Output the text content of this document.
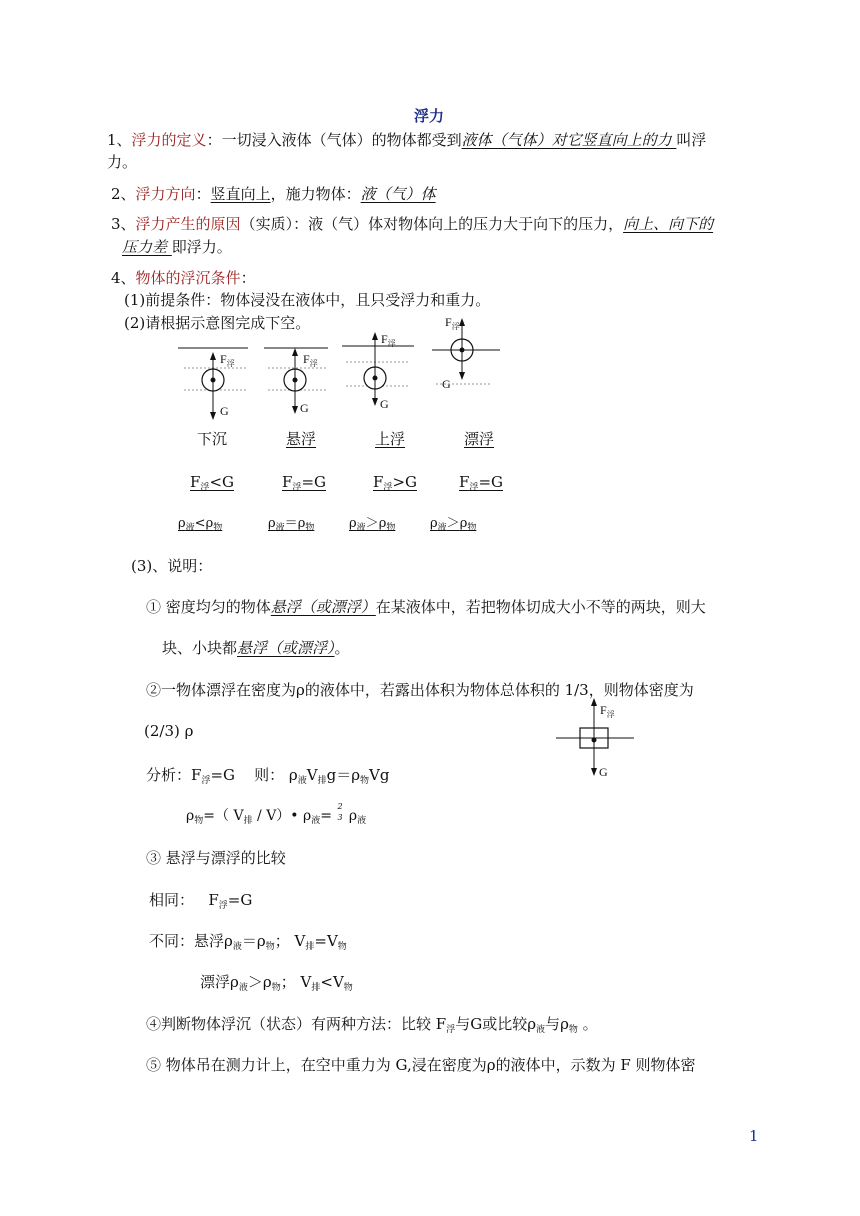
浮力
1、浮力的定义：一切浸入液体（气体）的物体都受到液体（气体）对它竖直向上的力 叫浮
力。
2、浮力方向：竖直向上，施力物体：液（气）体
3、浮力产生的原因（实质）：液（气）体对物体向上的压力大于向下的压力，向上、向下的
压力差 即浮力。
4、物体的浮沉条件：
(1)前提条件：物体浸没在液体中，且只受浮力和重力。
(2)请根据示意图完成下空。
$F_浮$
G
$F_浮$
G
$F_浮$
G
$F_浮$
G
下沉	悬浮	上浮	漂浮
$F_浮<G$	$F_浮=G$	$F_浮>G$	$F_浮=G$
$\rho_液<\rho_物$	$\rho_液=\rho_物$	$\rho_液>\rho_物$	$\rho_液>\rho_物$
(3)、说明：
① 密度均匀的物体悬浮（或漂浮）在某液体中，若把物体切成大小不等的两块，则大
块、小块都悬浮（或漂浮）。
②一物体漂浮在密度为ρ的液体中，若露出体积为物体总体积的 1/3，则物体密度为
(2/3) ρ
$F_浮$
G
分析：$F_浮=G$ 则： $\rho_液V_排g=\rho_物Vg$
$\rho_物=$（ $V_排$ / V）• $\rho_液=$
2
3 $\rho_液$
③ 悬浮与漂浮的比较
相同： $F_浮=G$
不同：悬浮$\rho_液=\rho_物$； $V_排=V_物$
漂浮$\rho_液>\rho_物$； $V_排<V_物$
④判断物体浮沉（状态）有两种方法：比较 $F_浮$与G或比较$\rho_液$与$\rho_物$ 。
⑤ 物体吊在测力计上，在空中重力为 G,浸在密度为ρ的液体中，示数为 F 则物体密
1
